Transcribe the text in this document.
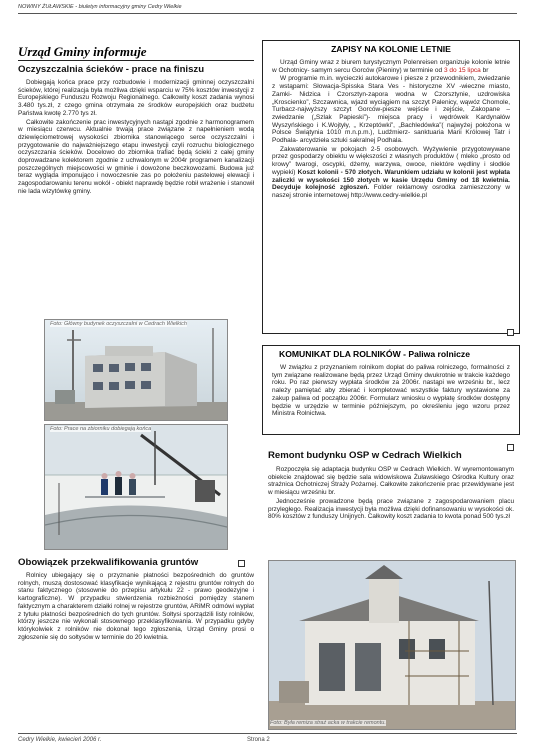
NOWINY ŻUŁAWSKIE - biuletyn informacyjny gminy Cedry Wielkie
Urząd Gminy informuje
Oczyszczalnia ścieków - prace na finiszu

Dobiegają końca prace przy rozbudowie i modernizacji gminnej oczyszczalni ścieków, której realizacja była możliwa dzięki wsparciu w 75% kosztów inwestycji z Europejskiego Funduszu Rozwoju Regionalnego. Całkowity koszt zadania wynosi 3.480 tys.zł, z czego gmina otrzymała ze środków europejskich oraz budżetu Państwa kwotę 2.770 tys zł.

Całkowite zakończenie prac inwestycyjnych nastąpi zgodnie z harmonogramem w miesiącu czerwcu. Aktualnie trwają prace związane z napełnieniem wodą dziewięciometrowej wysokości zbiornika stanowiącego serce oczyszczalni i przygotowanie do najważniejszego etapu inwestycji czyli rozruchu biologicznego oczyszczania ścieków. Docelowo do zbiornika trafiać będą ścieki z całej gminy doprowadzane kolektorem zgodnie z uchwalonym w 2004r programem kanalizacji poszczególnych miejscowości w gminie i dowożone beczkowozami. Budowa już teraz wygląda imponująco i nowoczesnie zas po położeniu pastelowej elewacji i zagospodarowaniu terenu wokół - obiekt naprawdę będzie robił wrażenie i stanowił nie lada wizytówkę gminy.

Foto: Główny budynek oczyszczalni w Cedrach Wielkich
Foto: Prace na zbiorniku dobiegają końca
Obowiązek przekwalifikowania gruntów

Rolnicy ubiegający się o przyznanie płatności bezpośrednich do gruntów rolnych, muszą dostosować klasyfikacje wynikającą z rejestru gruntów rolnych do stanu faktycznego (stosownie do przepisu artykułu 22 - prawo geodezyjne i kartograficzne). W przypadku stwierdzenia rozbieżności pomiędzy stanem faktycznym a charakterem działki rolnej w rejestrze gruntów, ARiMR odmówi wypłat z tytułu płatności bezpośrednich do tych gruntów. Sołtysi sporządzili listy rolników, którzy jeszcze nie wykonali stosownego przeklasyfikowania. W przypadku gdyby którykolwiek z rolników nie dokonał tego zgłoszenia, Urząd Gminy prosi o zgłoszenie się do sołtysów w terminie do 20 kwietnia.

ZAPISY NA KOLONIE LETNIE

Urząd Gminy wraz z biurem turystycznym Polenreisen organizuje kolonie letnie w Ochotnicy- samym sercu Gorców (Pieniny) w terminie od 3 do 15 lipca br

W programie m.in. wycieczki autokarowe i piesze z przewodnikiem, zwiedzanie z wstąpami: Słowacja-Spisska Stara Ves - historyczne XV -wieczne miasto, Zamki- Nidzica i Czorsztyn-zapora wodna w Czorsztynie, uzdrowiska „Kroscienko”, Szczawnica, wjazd wyciągiem na szczyt Palenicy, wąwóz Chomole, Turbacz-najwyższy szczyt Gorców-piesze wejście i zejście, Zakopane – zwiedzanie („Szlak Papieski”)- miejsca pracy i wędrówek Kardynałów Wyszyńskiego i K.Wojtyły, „ Krzeptówki”, „Bachledówka”( najwyżej położona w Polsce Świątynia 1010 m.n.p.m.), Ludźmierz- sanktuaria Marii Królowej Tatr i Podhala- arcydzieła sztuki sakralnej Podhala.

Zakwaterowanie w pokojach 2-5 osobowych. Wyżywienie przygotowywane przez gospodarzy obiektu w większości z własnych produktów ( mleko „prosto od krowy” twarogi, oscypki, dżemy, warzywa, owoce, niektóre wędliny i słodkie wypieki) Koszt kolonii - 570 złotych. Warunkiem udziału w kolonii jest wpłata zaliczki w wysokości 150 złotych w kasie Urzędu Gminy od 18 kwietnia. Decyduje kolejność zgłoszeń. Folder reklamowy osrodka zamieszczony w naszej stronie internetowej http://www.cedry-wielkie.pl

KOMUNIKAT DLA ROLNIKÓW - Paliwa rolnicze

W związku z przyznaniem rolnikom dopłat do paliwa rolniczego, formalności z tym związane realizowane będą przez Urząd Gminy dwukrotnie w trakcie każdego roku. Po raz pierwszy wypłata środków za 2006r. nastąpi we wrześniu br., lecz należy pamiętać aby zbierać i kompletować wszystkie faktury wystawione za zakup paliwa od początku 2006r. Formularz wniosku o wypłatę środków dostępny będzie w urzędzie w terminie późniejszym, po określeniu jego wzoru przez Ministra Rolnictwa.

Remont budynku OSP w Cedrach Wielkich

Rozpoczęła się adaptacja budynku OSP w Cedrach Wielkich. W wyremontowanym obiekcie znajdować się będzie sala widowiskowa Żuławskiego Ośrodka Kultury oraz strażnica Ochotniczej Straży Pożarnej. Całkowite zakończenie prac przewidywane jest w miesiącu wrześniu br.

Jednocześnie prowadzone będą prace związane z zagospodarowaniem placu przyległego. Realizacja inwestycji była możliwa dzięki dofinansowaniu w wysokości ok. 80% kosztów z funduszy Unijnych. Całkowity koszt zadania to kwota ponad 500 tys.zł

Foto: Była remiza straż acka w trakcie remontu.
Cedry Wielkie, kwiecień 2006 r.	Strona 2
